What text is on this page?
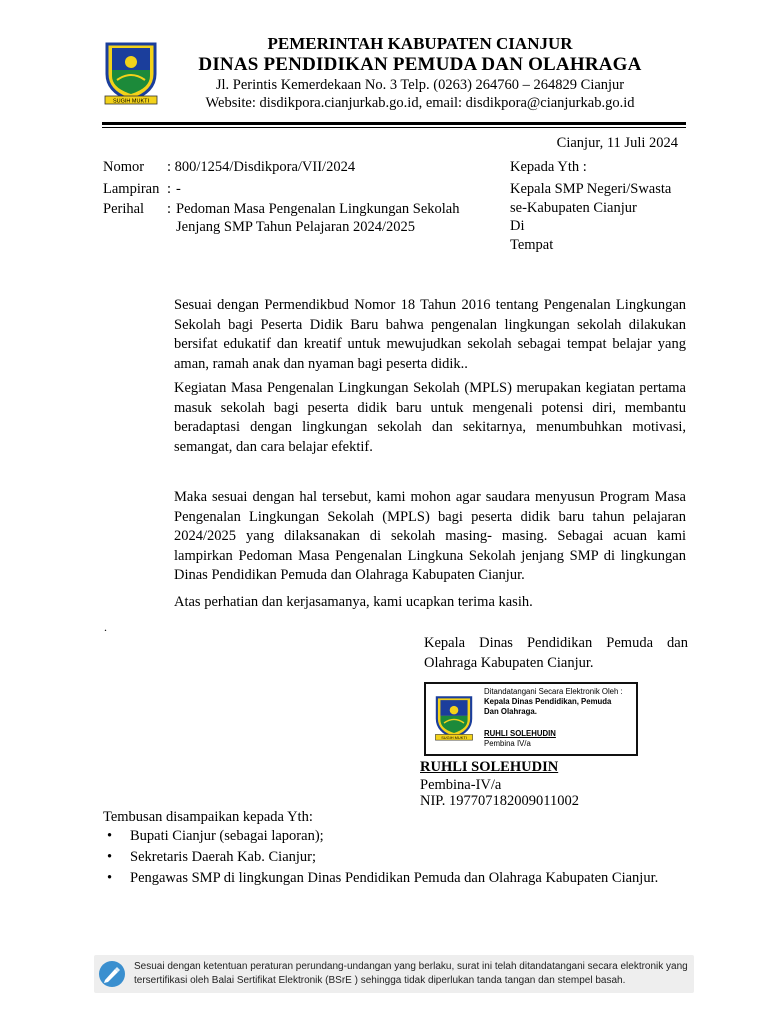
SUGIH MUKTI
PEMERINTAH KABUPATEN CIANJUR
DINAS PENDIDIKAN PEMUDA DAN OLAHRAGA
Jl. Perintis Kemerdekaan No. 3 Telp. (0263) 264760 – 264829 Cianjur
Website: disdikpora.cianjurkab.go.id, email: disdikpora@cianjurkab.go.id
Cianjur, 11 Juli 2024
Nomor	: 800/1254/Disdikpora/VII/2024
Lampiran : -
Perihal	: Pedoman Masa Pengenalan Lingkungan Sekolah
Jenjang SMP Tahun Pelajaran 2024/2025
Kepada Yth :
Kepala SMP Negeri/Swasta
se-Kabupaten Cianjur
Di
Tempat
Sesuai dengan Permendikbud Nomor 18 Tahun 2016 tentang Pengenalan Lingkungan Sekolah bagi Peserta Didik Baru bahwa pengenalan lingkungan sekolah dilakukan bersifat edukatif dan kreatif untuk mewujudkan sekolah sebagai tempat belajar yang aman, ramah anak dan nyaman bagi peserta didik..
Kegiatan Masa Pengenalan Lingkungan Sekolah (MPLS) merupakan kegiatan pertama masuk sekolah bagi peserta didik baru untuk mengenali potensi diri, membantu beradaptasi dengan lingkungan sekolah dan sekitarnya, menumbuhkan motivasi, semangat, dan cara belajar efektif.
Maka sesuai dengan hal tersebut, kami mohon agar saudara menyusun Program Masa Pengenalan Lingkungan Sekolah (MPLS) bagi peserta didik baru tahun pelajaran 2024/2025 yang dilaksanakan di sekolah masing- masing. Sebagai acuan kami lampirkan Pedoman Masa Pengenalan Lingkuna Sekolah jenjang SMP di lingkungan Dinas Pendidikan Pemuda dan Olahraga Kabupaten Cianjur.
Atas perhatian dan kerjasamanya, kami ucapkan terima kasih.
.
Kepala Dinas Pendidikan Pemuda dan Olahraga Kabupaten Cianjur.
SUGIH MUKTI
Ditandatangani Secara Elektronik Oleh :
Kepala Dinas Pendidikan, Pemuda
Dan Olahraga.
RUHLI SOLEHUDIN
Pembina IV/a
RUHLI SOLEHUDIN
Pembina-IV/a
NIP. 197707182009011002
Tembusan disampaikan kepada Yth:
• Bupati Cianjur (sebagai laporan);
• Sekretaris Daerah Kab. Cianjur;
• Pengawas SMP di lingkungan Dinas Pendidikan Pemuda dan Olahraga Kabupaten Cianjur.
Sesuai dengan ketentuan peraturan perundang-undangan yang berlaku, surat ini telah ditandatangani secara elektronik yang tersertifikasi oleh Balai Sertifikat Elektronik (BSrE ) sehingga tidak diperlukan tanda tangan dan stempel basah.
